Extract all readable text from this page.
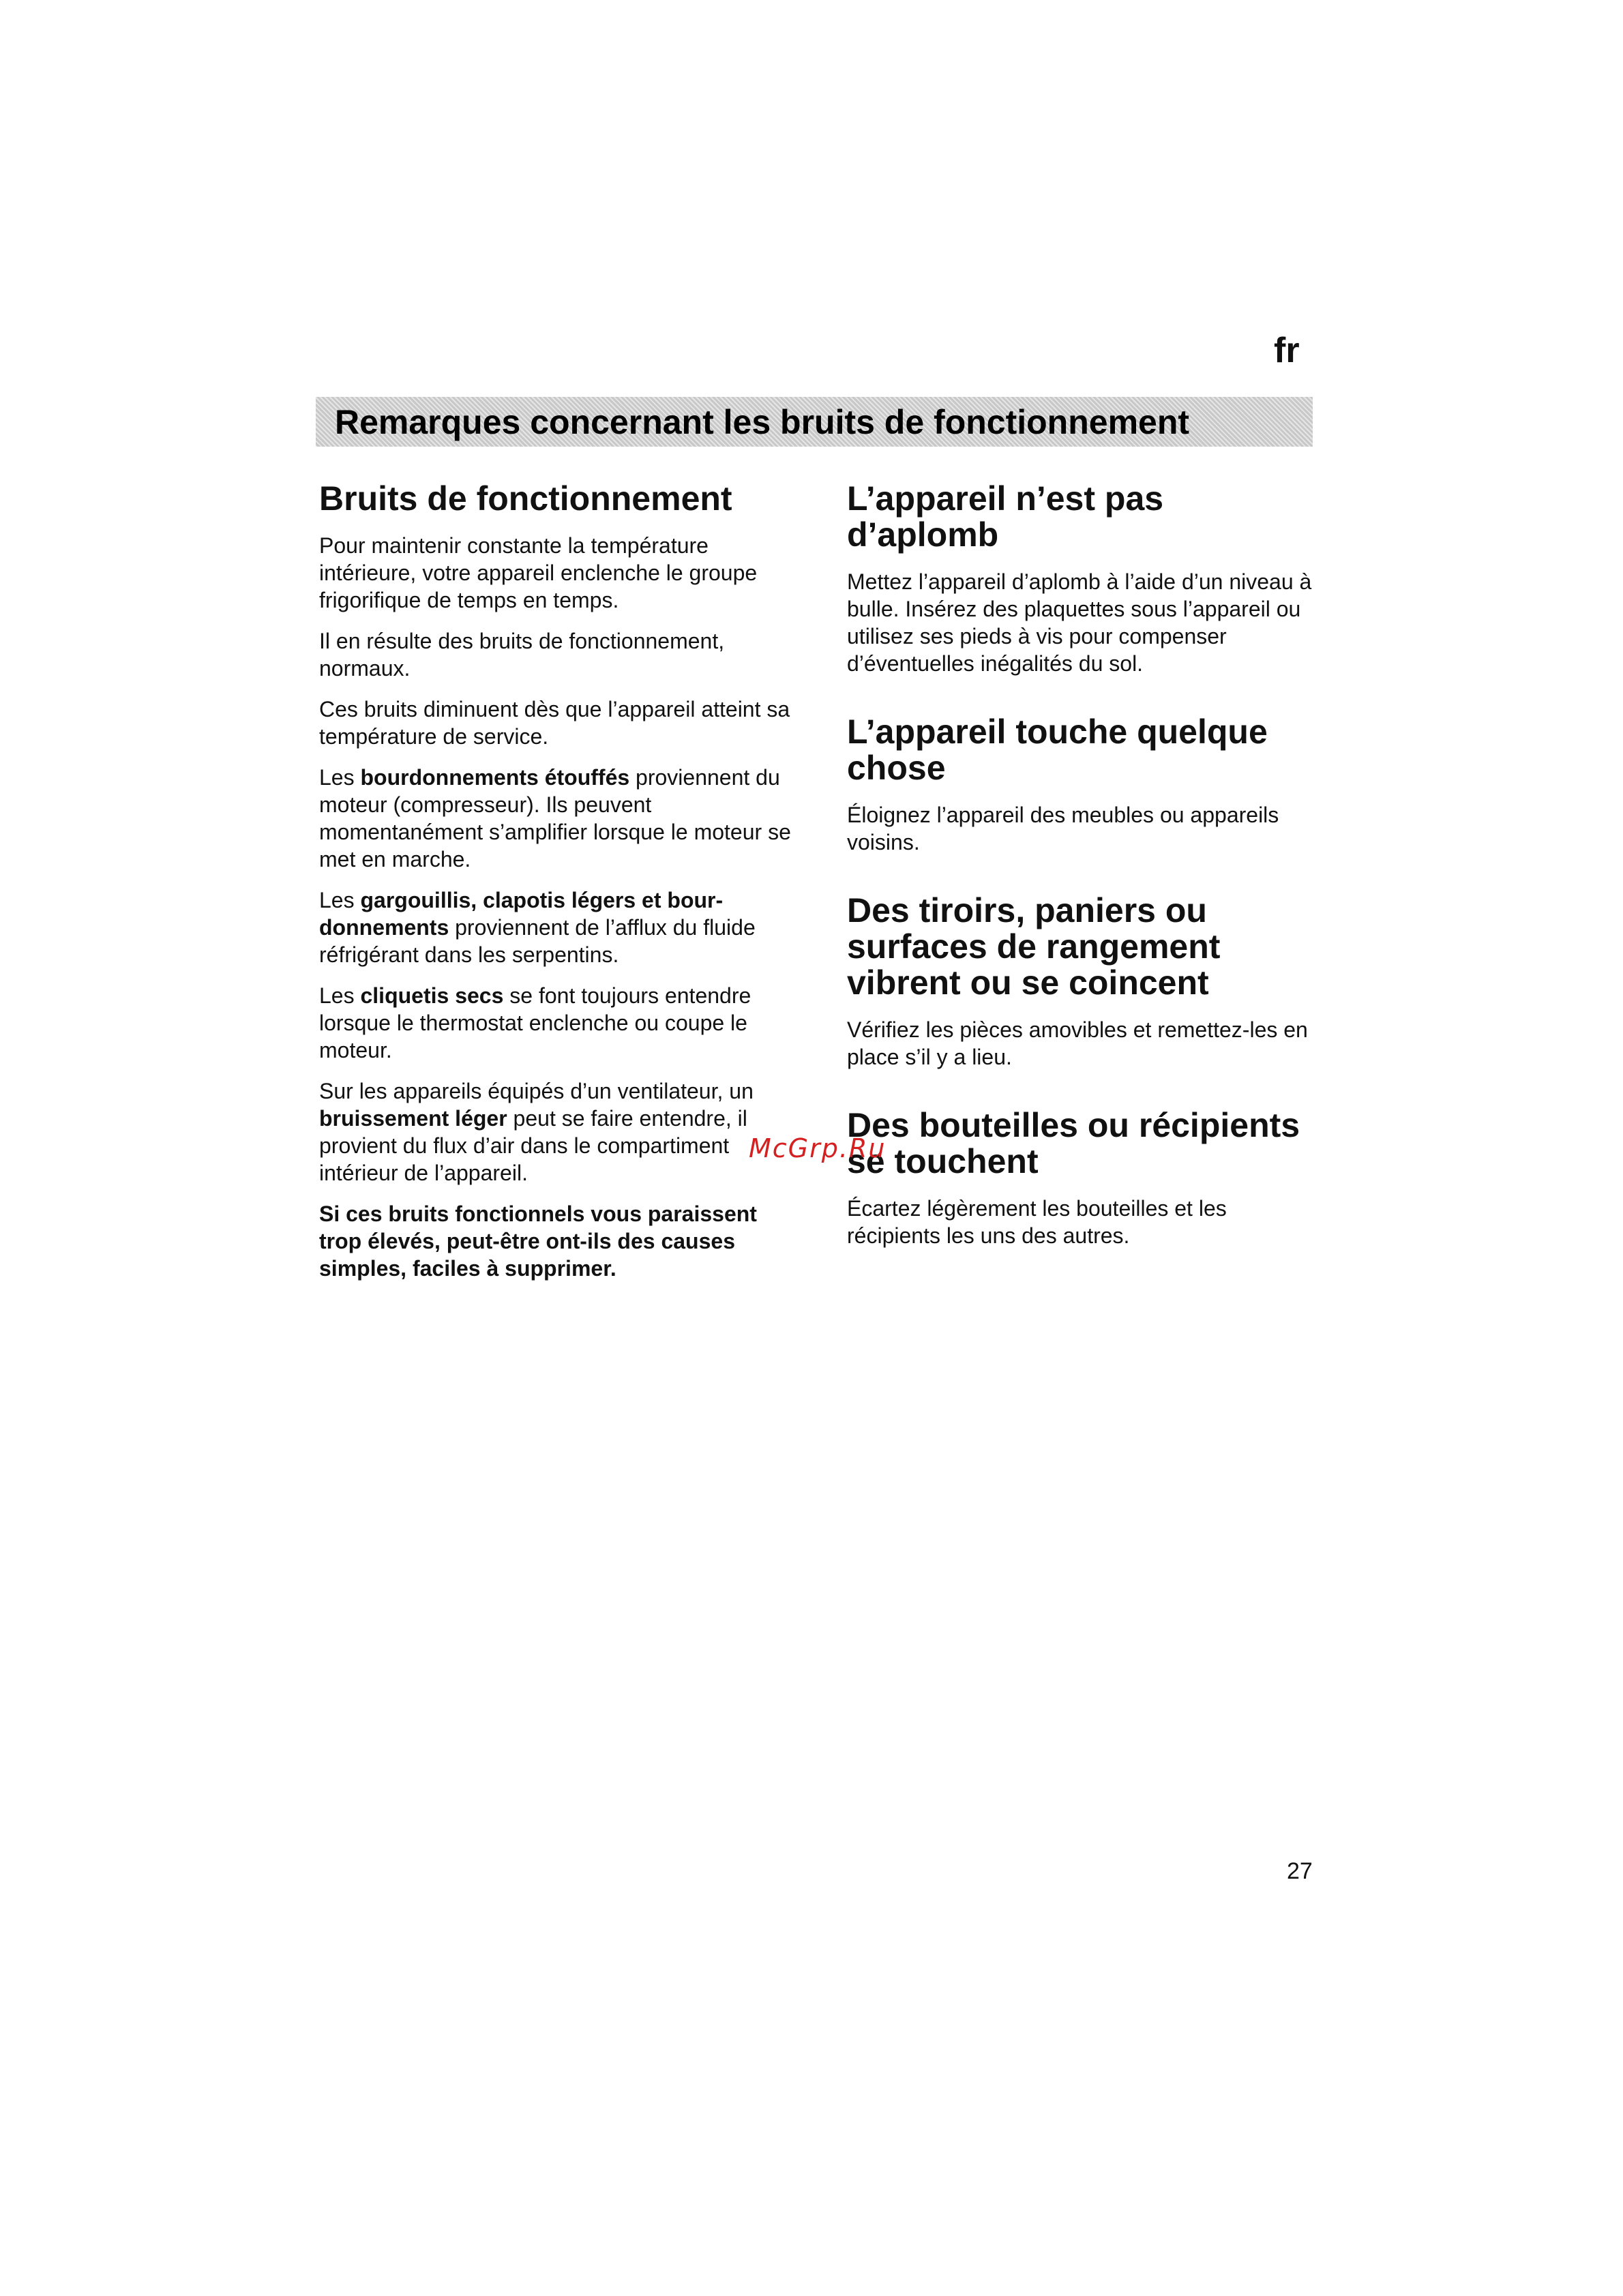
fr
Remarques concernant les bruits de fonctionnement
Bruits de fonctionnement

Pour maintenir constante la température intérieure, votre appareil enclenche le groupe frigorifique de temps en temps.

Il en résulte des bruits de fonctionnement, normaux.

Ces bruits diminuent dès que l’appareil atteint sa température de service.

Les bourdonnements étouffés proviennent du moteur (compresseur). Ils peuvent momentanément s’amplifier lorsque le moteur se met en marche.

Les gargouillis, clapotis légers et bourdonnements proviennent de l’afflux du fluide réfrigérant dans les serpentins.

Les cliquetis secs se font toujours entendre lorsque le thermostat enclenche ou coupe le moteur.

Sur les appareils équipés d’un ventilateur, un bruissement léger peut se faire entendre, il provient du flux d’air dans le compartiment intérieur de l’appareil.

Si ces bruits fonctionnels vous paraissent trop élevés, peut-être ont-ils des causes simples, faciles à supprimer.

L’appareil n’est pas d’aplomb

Mettez l’appareil d’aplomb à l’aide d’un niveau à bulle. Insérez des plaquettes sous l’appareil ou utilisez ses pieds à vis pour compenser d’éventuelles inégalités du sol.

L’appareil touche quelque chose

Éloignez l’appareil des meubles ou appareils voisins.

Des tiroirs, paniers ou surfaces de rangement vibrent ou se coincent

Vérifiez les pièces amovibles et remettez-les en place s’il y a lieu.

Des bouteilles ou récipients se touchent

Écartez légèrement les bouteilles et les récipients les uns des autres.

McGrp.Ru
27
